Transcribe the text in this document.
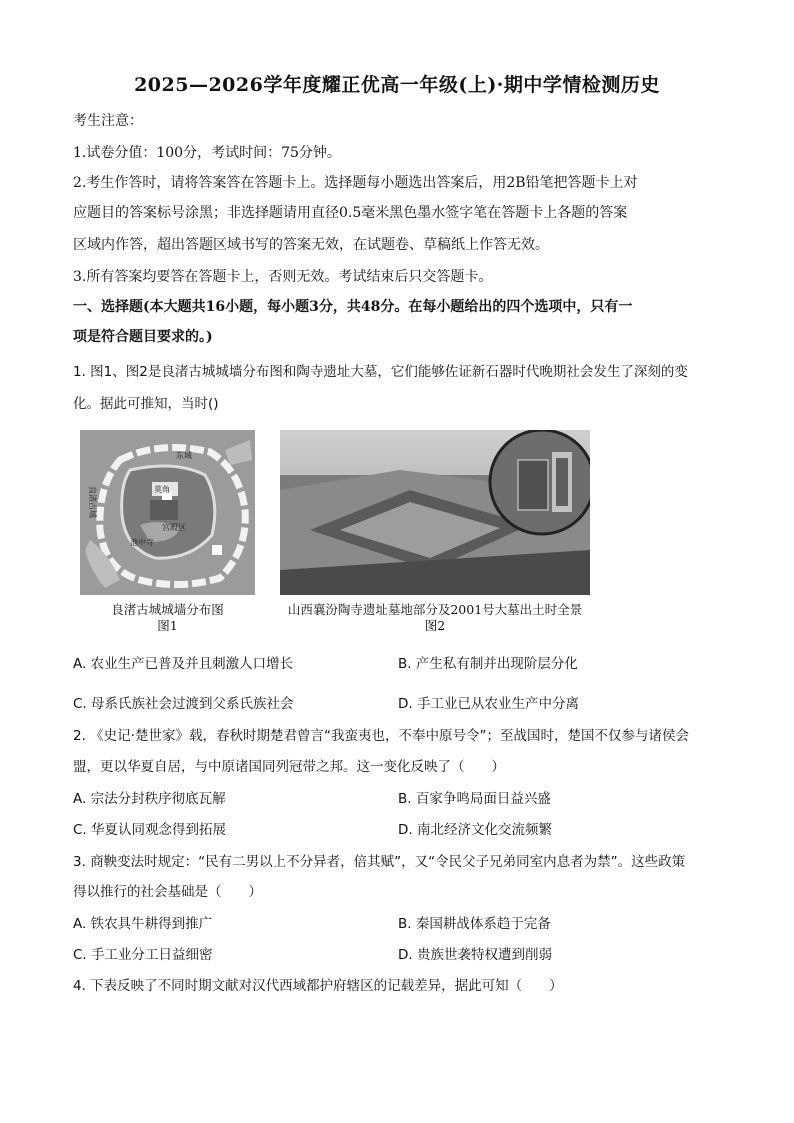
2025—2026学年度耀正优高一年级(上)·期中学情检测历史
考生注意：
1.试卷分值：100分，考试时间：75分钟。
2.考生作答时，请将答案答在答题卡上。选择题每小题选出答案后，用2B铅笔把答题卡上对
应题目的答案标号涂黑；非选择题请用直径0.5毫米黑色墨水签字笔在答题卡上各题的答案
区域内作答，超出答题区域书写的答案无效，在试题卷、草稿纸上作答无效。
3.所有答案均要答在答题卡上，否则无效。考试结束后只交答题卡。
一、选择题(本大题共16小题，每小题3分，共48分。在每小题给出的四个选项中，只有一
项是符合题目要求的。)
1. 图1、图2是良渚古城城墙分布图和陶寺遗址大墓，它们能够佐证新石器时代晚期社会发生了深刻的变
化。据此可推知，当时()
东城
莫角
宫殿区
池中寺
良渚古城
良渚古城城墙分布图
图1
山西襄汾陶寺遗址墓地部分及2001号大墓出土时全景
图2
A. 农业生产已普及并且刺激人口增长	B. 产生私有制并出现阶层分化
C. 母系氏族社会过渡到父系氏族社会	D. 手工业已从农业生产中分离
2. 《史记·楚世家》载，春秋时期楚君曾言“我蛮夷也，不奉中原号令”；至战国时，楚国不仅参与诸侯会
盟，更以华夏自居，与中原诸国同列冠带之邦。这一变化反映了（　　）
A. 宗法分封秩序彻底瓦解	B. 百家争鸣局面日益兴盛
C. 华夏认同观念得到拓展	D. 南北经济文化交流频繁
3. 商鞅变法时规定：“民有二男以上不分异者，倍其赋”，又“令民父子兄弟同室内息者为禁”。这些政策
得以推行的社会基础是（　　）
A. 铁农具牛耕得到推广	B. 秦国耕战体系趋于完备
C. 手工业分工日益细密	D. 贵族世袭特权遭到削弱
4. 下表反映了不同时期文献对汉代西域都护府辖区的记载差异，据此可知（　　）
